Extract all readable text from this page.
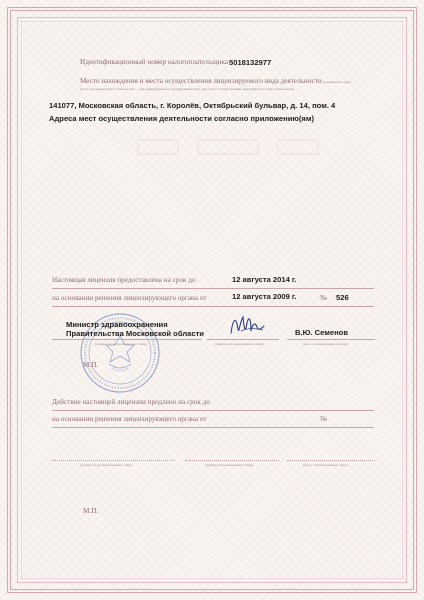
Идентификационный номер налогоплательщика 5018132977
Место нахождения и места осуществления лицензируемого вида деятельности (указываются адрес
места нахождения (место жительства — для индивидуального предпринимателя) и адреса мест осуществления лицензируемого вида деятельности)
141077, Московская область, г. Королёв, Октябрьский бульвар, д. 14, пом. 4
Адреса мест осуществления деятельности согласно приложению(ям)
Настоящая лицензия предоставлена на срок до	12 августа 2014 г.
на основании решения лицензирующего органа от	12 августа 2009 г.	№ 526
Министр здравоохранения
Правительства Московской области
(должность уполномоченного лица)	(подпись уполномоченного лица)
В.Ю. Семенов
(ф.и.о. уполномоченного лица)
М.П.
Действие настоящей лицензии продлено на срок до
на основании решения лицензирующего органа от	№
(должность уполномоченного лица)	(подпись уполномоченного лица)	(ф.и.о. уполномоченного лица)
М.П.
